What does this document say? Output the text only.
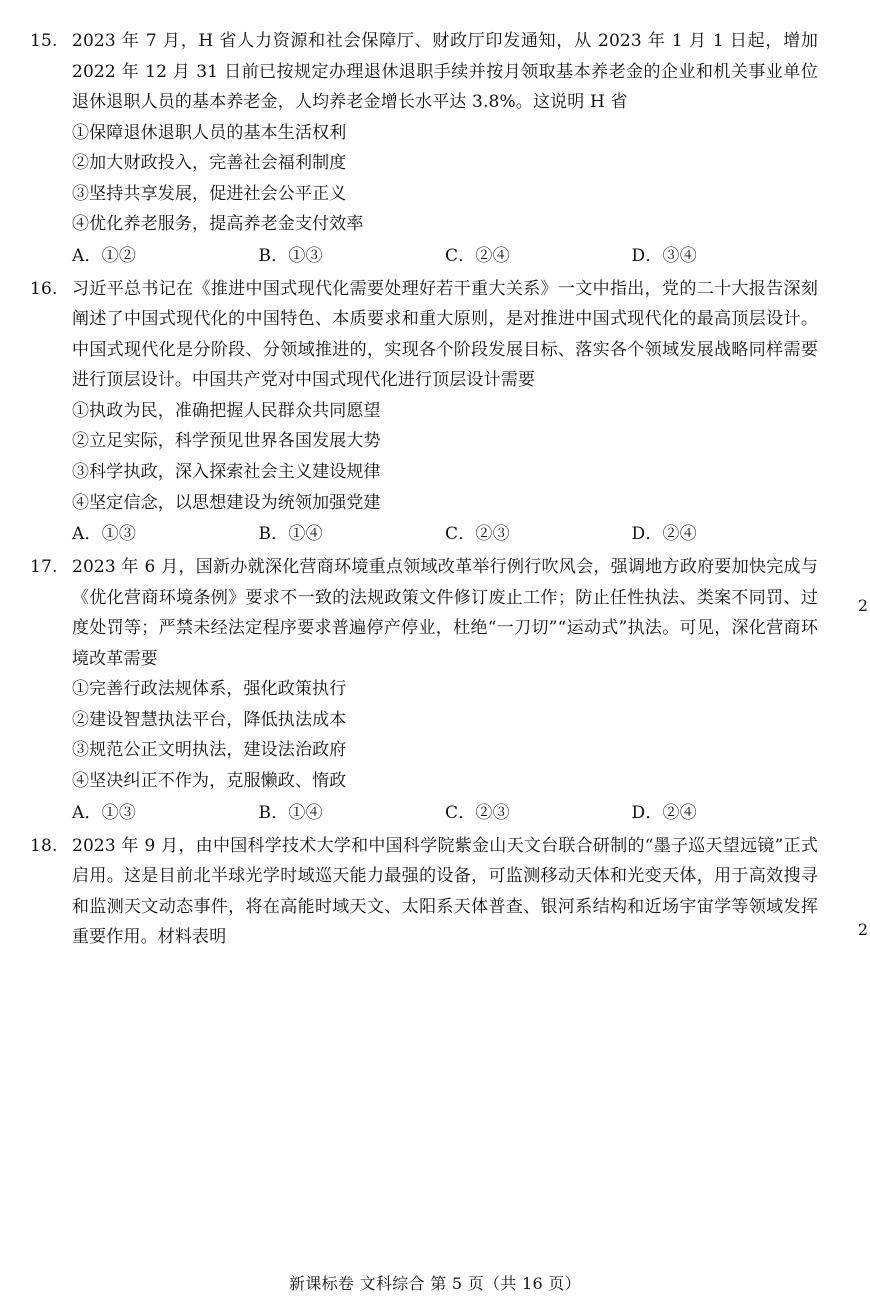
15. 2023 年 7 月，H 省人力资源和社会保障厅、财政厅印发通知，从 2023 年 1 月 1 日起，增加 2022 年 12 月 31 日前已按规定办理退休退职手续并按月领取基本养老金的企业和机关事业单位退休退职人员的基本养老金，人均养老金增长水平达 3.8%。这说明 H 省
①保障退休退职人员的基本生活权利
②加大财政投入，完善社会福利制度
③坚持共享发展，促进社会公平正义
④优化养老服务，提高养老金支付效率
A．①②	B．①③	C．②④	D．③④
16. 习近平总书记在《推进中国式现代化需要处理好若干重大关系》一文中指出，党的二十大报告深刻阐述了中国式现代化的中国特色、本质要求和重大原则，是对推进中国式现代化的最高顶层设计。中国式现代化是分阶段、分领域推进的，实现各个阶段发展目标、落实各个领域发展战略同样需要进行顶层设计。中国共产党对中国式现代化进行顶层设计需要
①执政为民，准确把握人民群众共同愿望
②立足实际，科学预见世界各国发展大势
③科学执政，深入探索社会主义建设规律
④坚定信念，以思想建设为统领加强党建
A．①③	B．①④	C．②③	D．②④
17. 2023 年 6 月，国新办就深化营商环境重点领域改革举行例行吹风会，强调地方政府要加快完成与《优化营商环境条例》要求不一致的法规政策文件修订废止工作；防止任性执法、类案不同罚、过度处罚等；严禁未经法定程序要求普遍停产停业，杜绝“一刀切”“运动式”执法。可见，深化营商环境改革需要
①完善行政法规体系，强化政策执行
②建设智慧执法平台，降低执法成本
③规范公正文明执法，建设法治政府
④坚决纠正不作为，克服懒政、惰政
A．①③	B．①④	C．②③	D．②④
18. 2023 年 9 月，由中国科学技术大学和中国科学院紫金山天文台联合研制的“墨子巡天望远镜”正式启用。这是目前北半球光学时域巡天能力最强的设备，可监测移动天体和光变天体，用于高效搜寻和监测天文动态事件，将在高能时域天文、太阳系天体普查、银河系结构和近场宇宙学等领域发挥重要作用。材料表明
2
2
新课标卷 文科综合 第 5 页（共 16 页）
